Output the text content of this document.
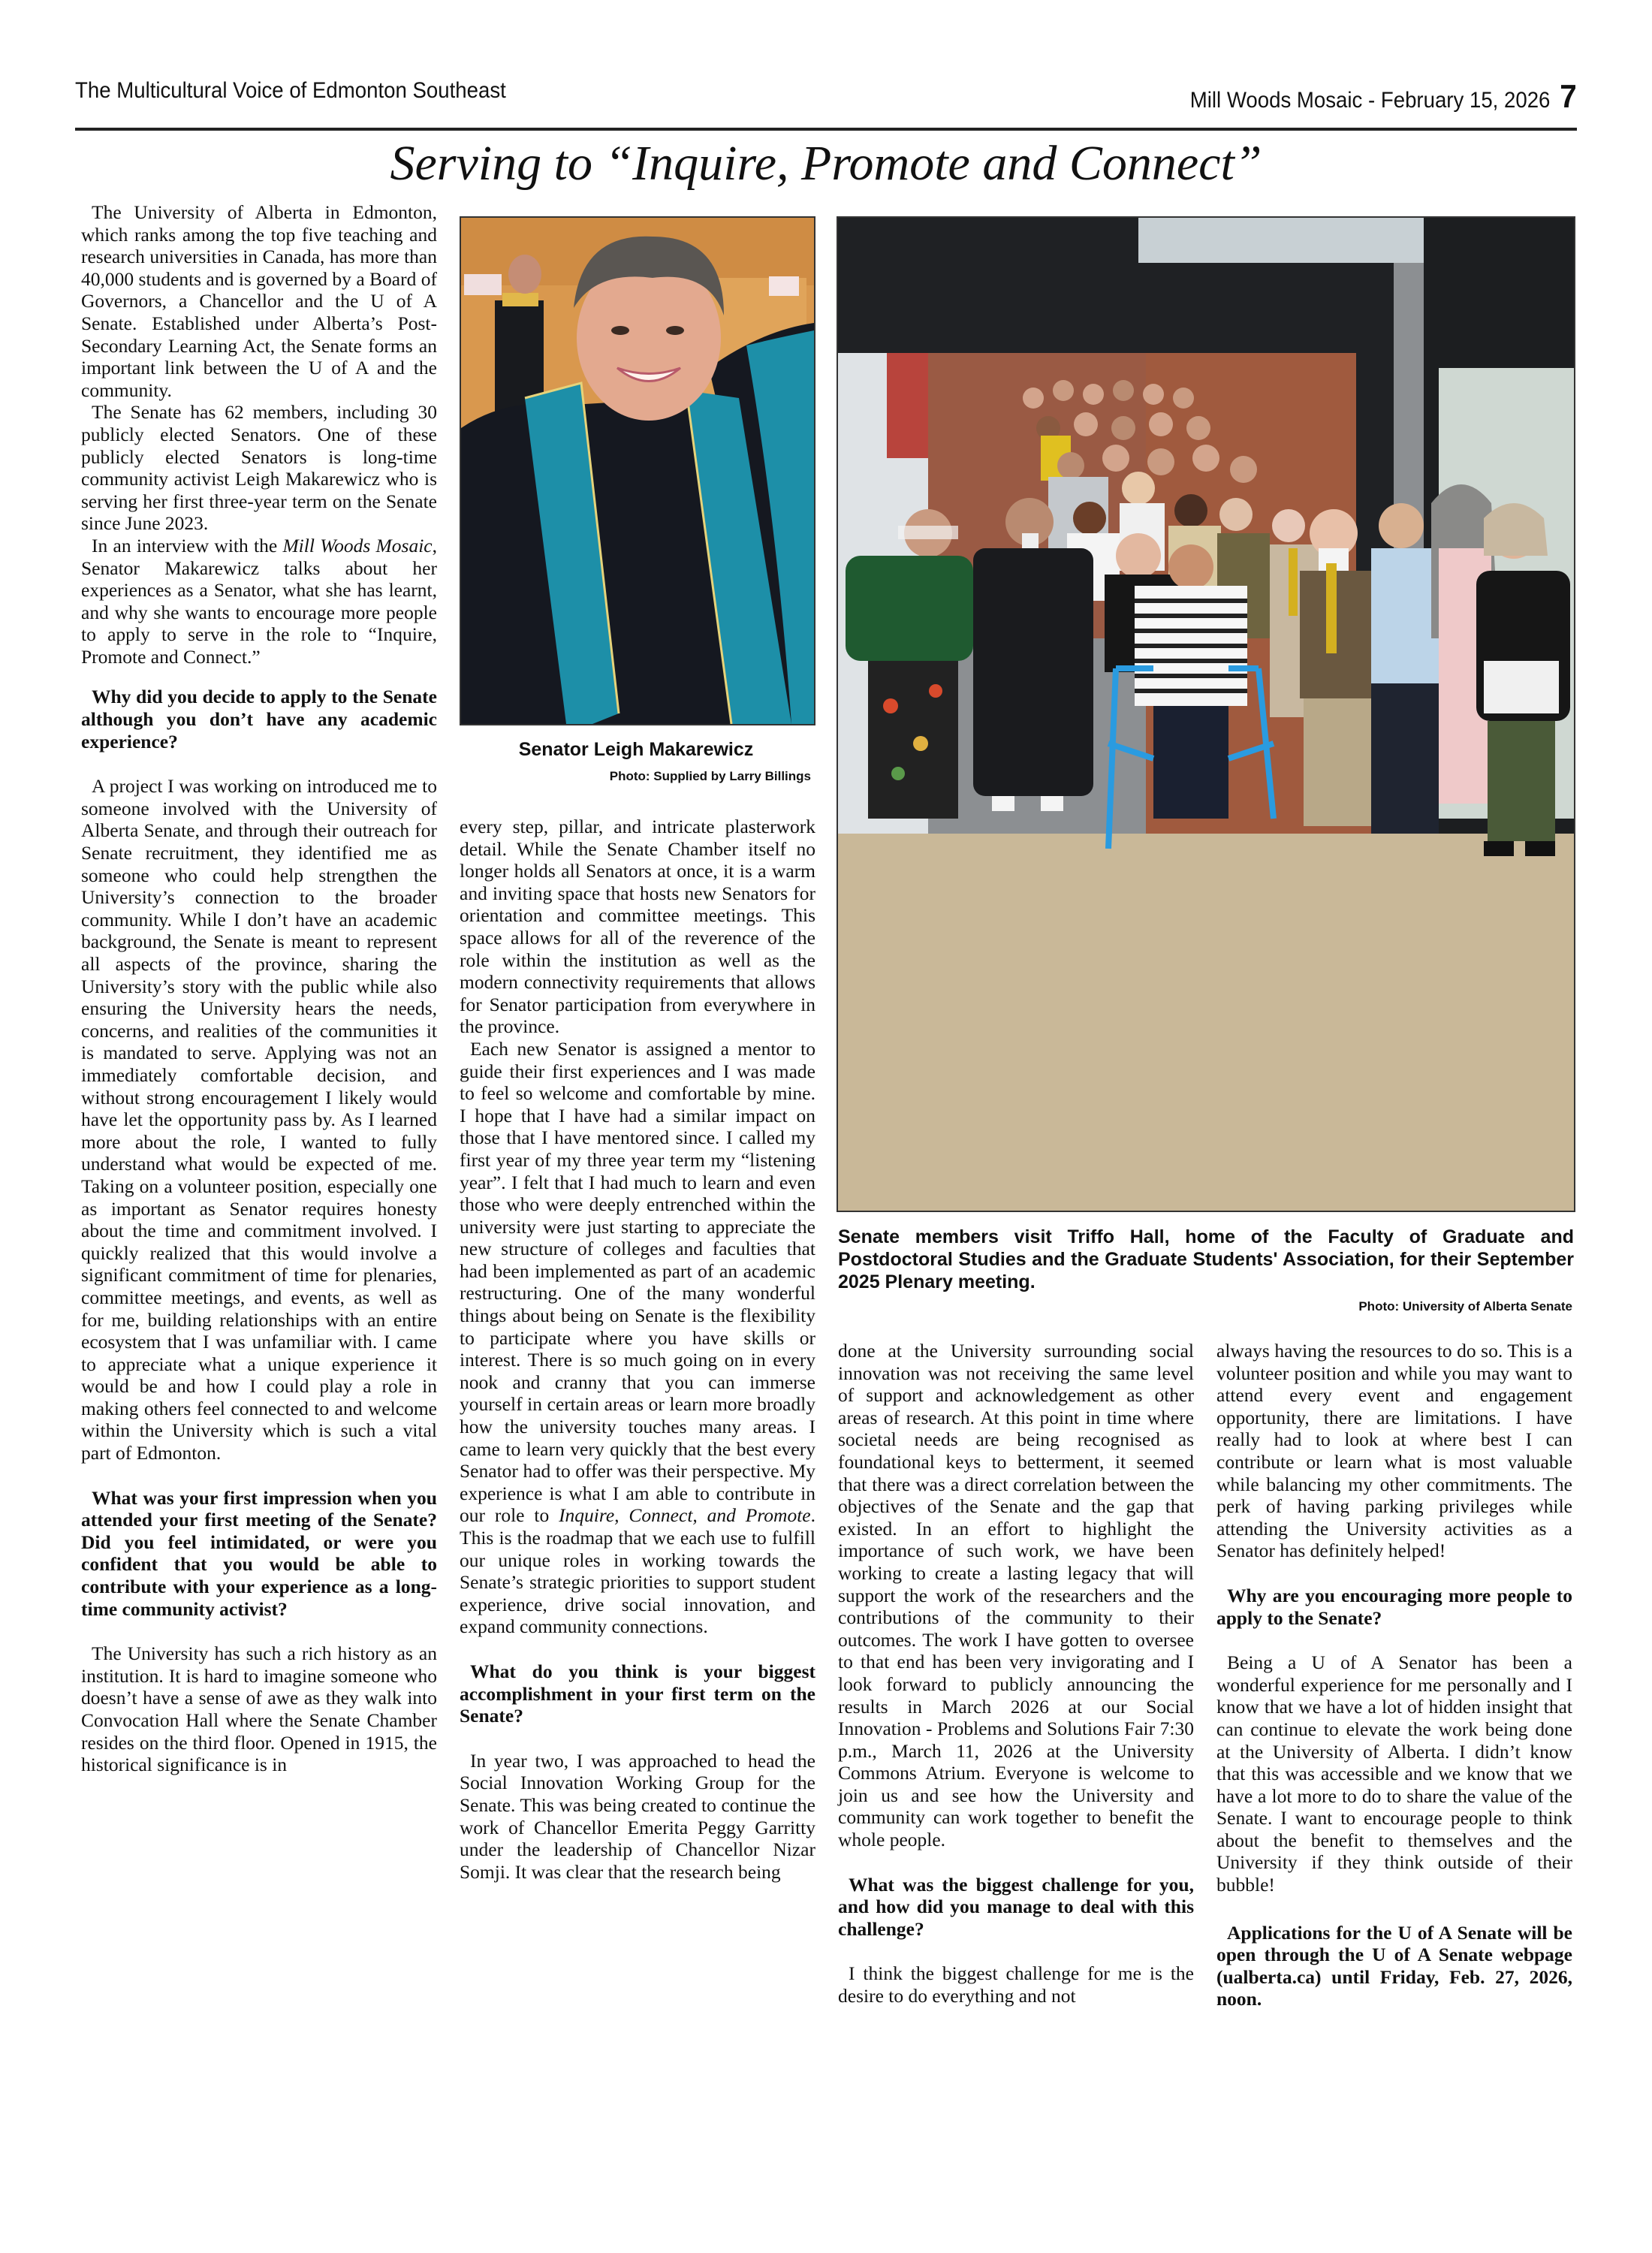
The Multicultural Voice of Edmonton Southeast	Mill Woods Mosaic - February 15, 2026 7
Serving to “Inquire, Promote and Connect”

The University of Alberta in Edmonton, which ranks among the top five teaching and research universities in Canada, has more than 40,000 students and is governed by a Board of Governors, a Chancellor and the U of A Senate. Established under Alberta’s Post-Secondary Learning Act, the Senate forms an important link between the U of A and the community.

The Senate has 62 members, including 30 publicly elected Senators. One of these publicly elected Senators is long-time community activist Leigh Makarewicz who is serving her first three-year term on the Senate since June 2023.

In an interview with the Mill Woods Mosaic, Senator Makarewicz talks about her experiences as a Senator, what she has learnt, and why she wants to encourage more people to apply to serve in the role to “Inquire, Promote and Connect.”

Why did you decide to apply to the Senate although you don’t have any academic experience?

A project I was working on introduced me to someone involved with the University of Alberta Senate, and through their outreach for Senate recruitment, they identified me as someone who could help strengthen the University’s connection to the broader community. While I don’t have an academic background, the Senate is meant to represent all aspects of the province, sharing the University’s story with the public while also ensuring the University hears the needs, concerns, and realities of the communities it is mandated to serve. Applying was not an immediately comfortable decision, and without strong encouragement I likely would have let the opportunity pass by. As I learned more about the role, I wanted to fully understand what would be expected of me. Taking on a volunteer position, especially one as important as Senator requires honesty about the time and commitment involved. I quickly realized that this would involve a significant commitment of time for plenaries, committee meetings, and events, as well as for me, building relationships with an entire ecosystem that I was unfamiliar with. I came to appreciate what a unique experience it would be and how I could play a role in making others feel connected to and welcome within the University which is such a vital part of Edmonton.

What was your first impression when you attended your first meeting of the Senate? Did you feel intimidated, or were you confident that you would be able to contribute with your experience as a long-time community activist?

The University has such a rich history as an institution. It is hard to imagine someone who doesn’t have a sense of awe as they walk into Convocation Hall where the Senate Chamber resides on the third floor. Opened in 1915, the historical significance is in

Senator Leigh Makarewicz
Photo: Supplied by Larry Billings

every step, pillar, and intricate plasterwork detail. While the Senate Chamber itself no longer holds all Senators at once, it is a warm and inviting space that hosts new Senators for orientation and committee meetings. This space allows for all of the reverence of the role within the institution as well as the modern connectivity requirements that allows for Senator participation from everywhere in the province.

Each new Senator is assigned a mentor to guide their first experiences and I was made to feel so welcome and comfortable by mine. I hope that I have had a similar impact on those that I have mentored since. I called my first year of my three year term my “listening year”. I felt that I had much to learn and even those who were deeply entrenched within the university were just starting to appreciate the new structure of colleges and faculties that had been implemented as part of an academic restructuring. One of the many wonderful things about being on Senate is the flexibility to participate where you have skills or interest. There is so much going on in every nook and cranny that you can immerse yourself in certain areas or learn more broadly how the university touches many areas. I came to learn very quickly that the best every Senator had to offer was their perspective. My experience is what I am able to contribute in our role to Inquire, Connect, and Promote. This is the roadmap that we each use to fulfill our unique roles in working towards the Senate’s strategic priorities to support student experience, drive social innovation, and expand community connections.

What do you think is your biggest accomplishment in your first term on the Senate?

In year two, I was approached to head the Social Innovation Working Group for the Senate. This was being created to continue the work of Chancellor Emerita Peggy Garritty under the leadership of Chancellor Nizar Somji. It was clear that the research being

Senate members visit Triffo Hall, home of the Faculty of Graduate and Postdoctoral Studies and the Graduate Students' Association, for their September 2025 Plenary meeting.
Photo: University of Alberta Senate

done at the University surrounding social innovation was not receiving the same level of support and acknowledgement as other areas of research. At this point in time where societal needs are being recognised as foundational keys to betterment, it seemed that there was a direct correlation between the objectives of the Senate and the gap that existed. In an effort to highlight the importance of such work, we have been working to create a lasting legacy that will support the work of the researchers and the contributions of the community to their outcomes. The work I have gotten to oversee to that end has been very invigorating and I look forward to publicly announcing the results in March 2026 at our Social Innovation - Problems and Solutions Fair 7:30 p.m., March 11, 2026 at the University Commons Atrium. Everyone is welcome to join us and see how the University and community can work together to benefit the whole people.

What was the biggest challenge for you, and how did you manage to deal with this challenge?

I think the biggest challenge for me is the desire to do everything and not

always having the resources to do so. This is a volunteer position and while you may want to attend every event and engagement opportunity, there are limitations. I have really had to look at where best I can contribute or learn what is most valuable while balancing my other commitments. The perk of having parking privileges while attending the University activities as a Senator has definitely helped!

Why are you encouraging more people to apply to the Senate?

Being a U of A Senator has been a wonderful experience for me personally and I know that we have a lot of hidden insight that can continue to elevate the work being done at the University of Alberta. I didn’t know that this was accessible and we know that we have a lot more to do to share the value of the Senate. I want to encourage people to think about the benefit to themselves and the University if they think outside of their bubble!

Applications for the U of A Senate will be open through the U of A Senate webpage (ualberta.ca) until Friday, Feb. 27, 2026, noon.
